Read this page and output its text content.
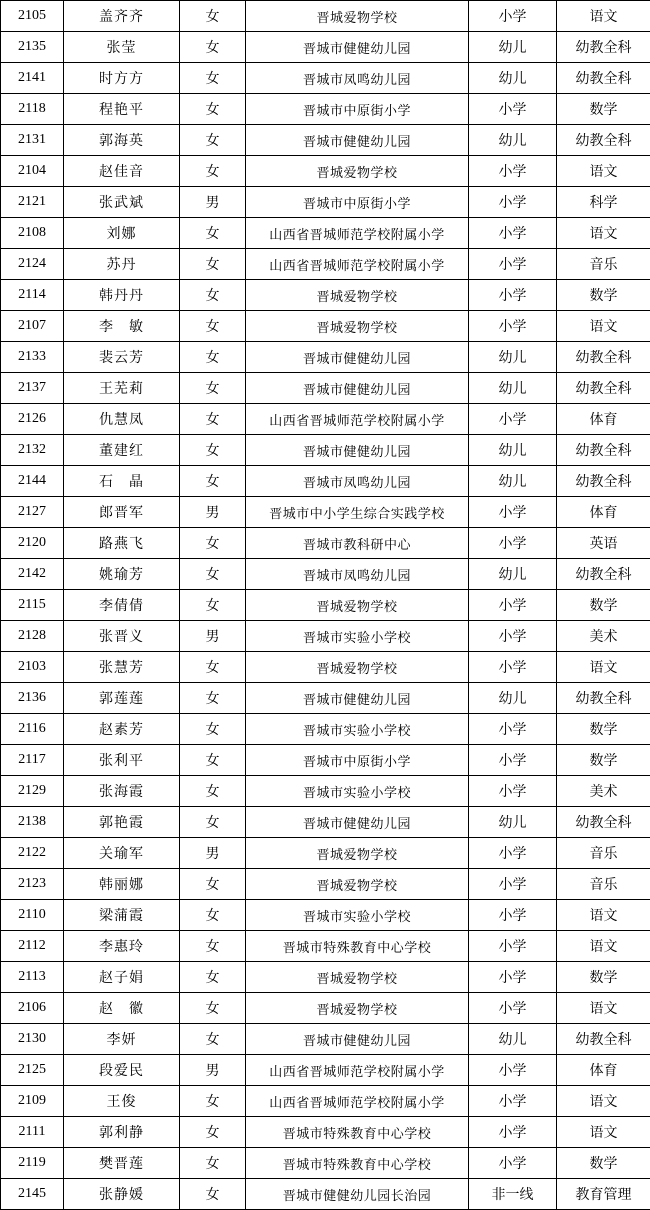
2105	盖齐齐	女	晋城爱物学校	小学	语文
2135	张莹	女	晋城市健健幼儿园	幼儿	幼教全科
2141	时方方	女	晋城市凤鸣幼儿园	幼儿	幼教全科
2118	程艳平	女	晋城市中原街小学	小学	数学
2131	郭海英	女	晋城市健健幼儿园	幼儿	幼教全科
2104	赵佳音	女	晋城爱物学校	小学	语文
2121	张武斌	男	晋城市中原街小学	小学	科学
2108	刘娜	女	山西省晋城师范学校附属小学	小学	语文
2124	苏丹	女	山西省晋城师范学校附属小学	小学	音乐
2114	韩丹丹	女	晋城爱物学校	小学	数学
2107	李　敏	女	晋城爱物学校	小学	语文
2133	裴云芳	女	晋城市健健幼儿园	幼儿	幼教全科
2137	王芜莉	女	晋城市健健幼儿园	幼儿	幼教全科
2126	仇慧凤	女	山西省晋城师范学校附属小学	小学	体育
2132	董建红	女	晋城市健健幼儿园	幼儿	幼教全科
2144	石　晶	女	晋城市凤鸣幼儿园	幼儿	幼教全科
2127	郎晋军	男	晋城市中小学生综合实践学校	小学	体育
2120	路燕飞	女	晋城市教科研中心	小学	英语
2142	姚瑜芳	女	晋城市凤鸣幼儿园	幼儿	幼教全科
2115	李倩倩	女	晋城爱物学校	小学	数学
2128	张晋义	男	晋城市实验小学校	小学	美术
2103	张慧芳	女	晋城爱物学校	小学	语文
2136	郭莲莲	女	晋城市健健幼儿园	幼儿	幼教全科
2116	赵素芳	女	晋城市实验小学校	小学	数学
2117	张利平	女	晋城市中原街小学	小学	数学
2129	张海霞	女	晋城市实验小学校	小学	美术
2138	郭艳霞	女	晋城市健健幼儿园	幼儿	幼教全科
2122	关瑜军	男	晋城爱物学校	小学	音乐
2123	韩丽娜	女	晋城爱物学校	小学	音乐
2110	梁蒲霞	女	晋城市实验小学校	小学	语文
2112	李惠玲	女	晋城市特殊教育中心学校	小学	语文
2113	赵子娟	女	晋城爱物学校	小学	数学
2106	赵　徽	女	晋城爱物学校	小学	语文
2130	李妍	女	晋城市健健幼儿园	幼儿	幼教全科
2125	段爱民	男	山西省晋城师范学校附属小学	小学	体育
2109	王俊	女	山西省晋城师范学校附属小学	小学	语文
2111	郭利静	女	晋城市特殊教育中心学校	小学	语文
2119	樊晋莲	女	晋城市特殊教育中心学校	小学	数学
2145	张静媛	女	晋城市健健幼儿园长治园	非一线	教育管理
